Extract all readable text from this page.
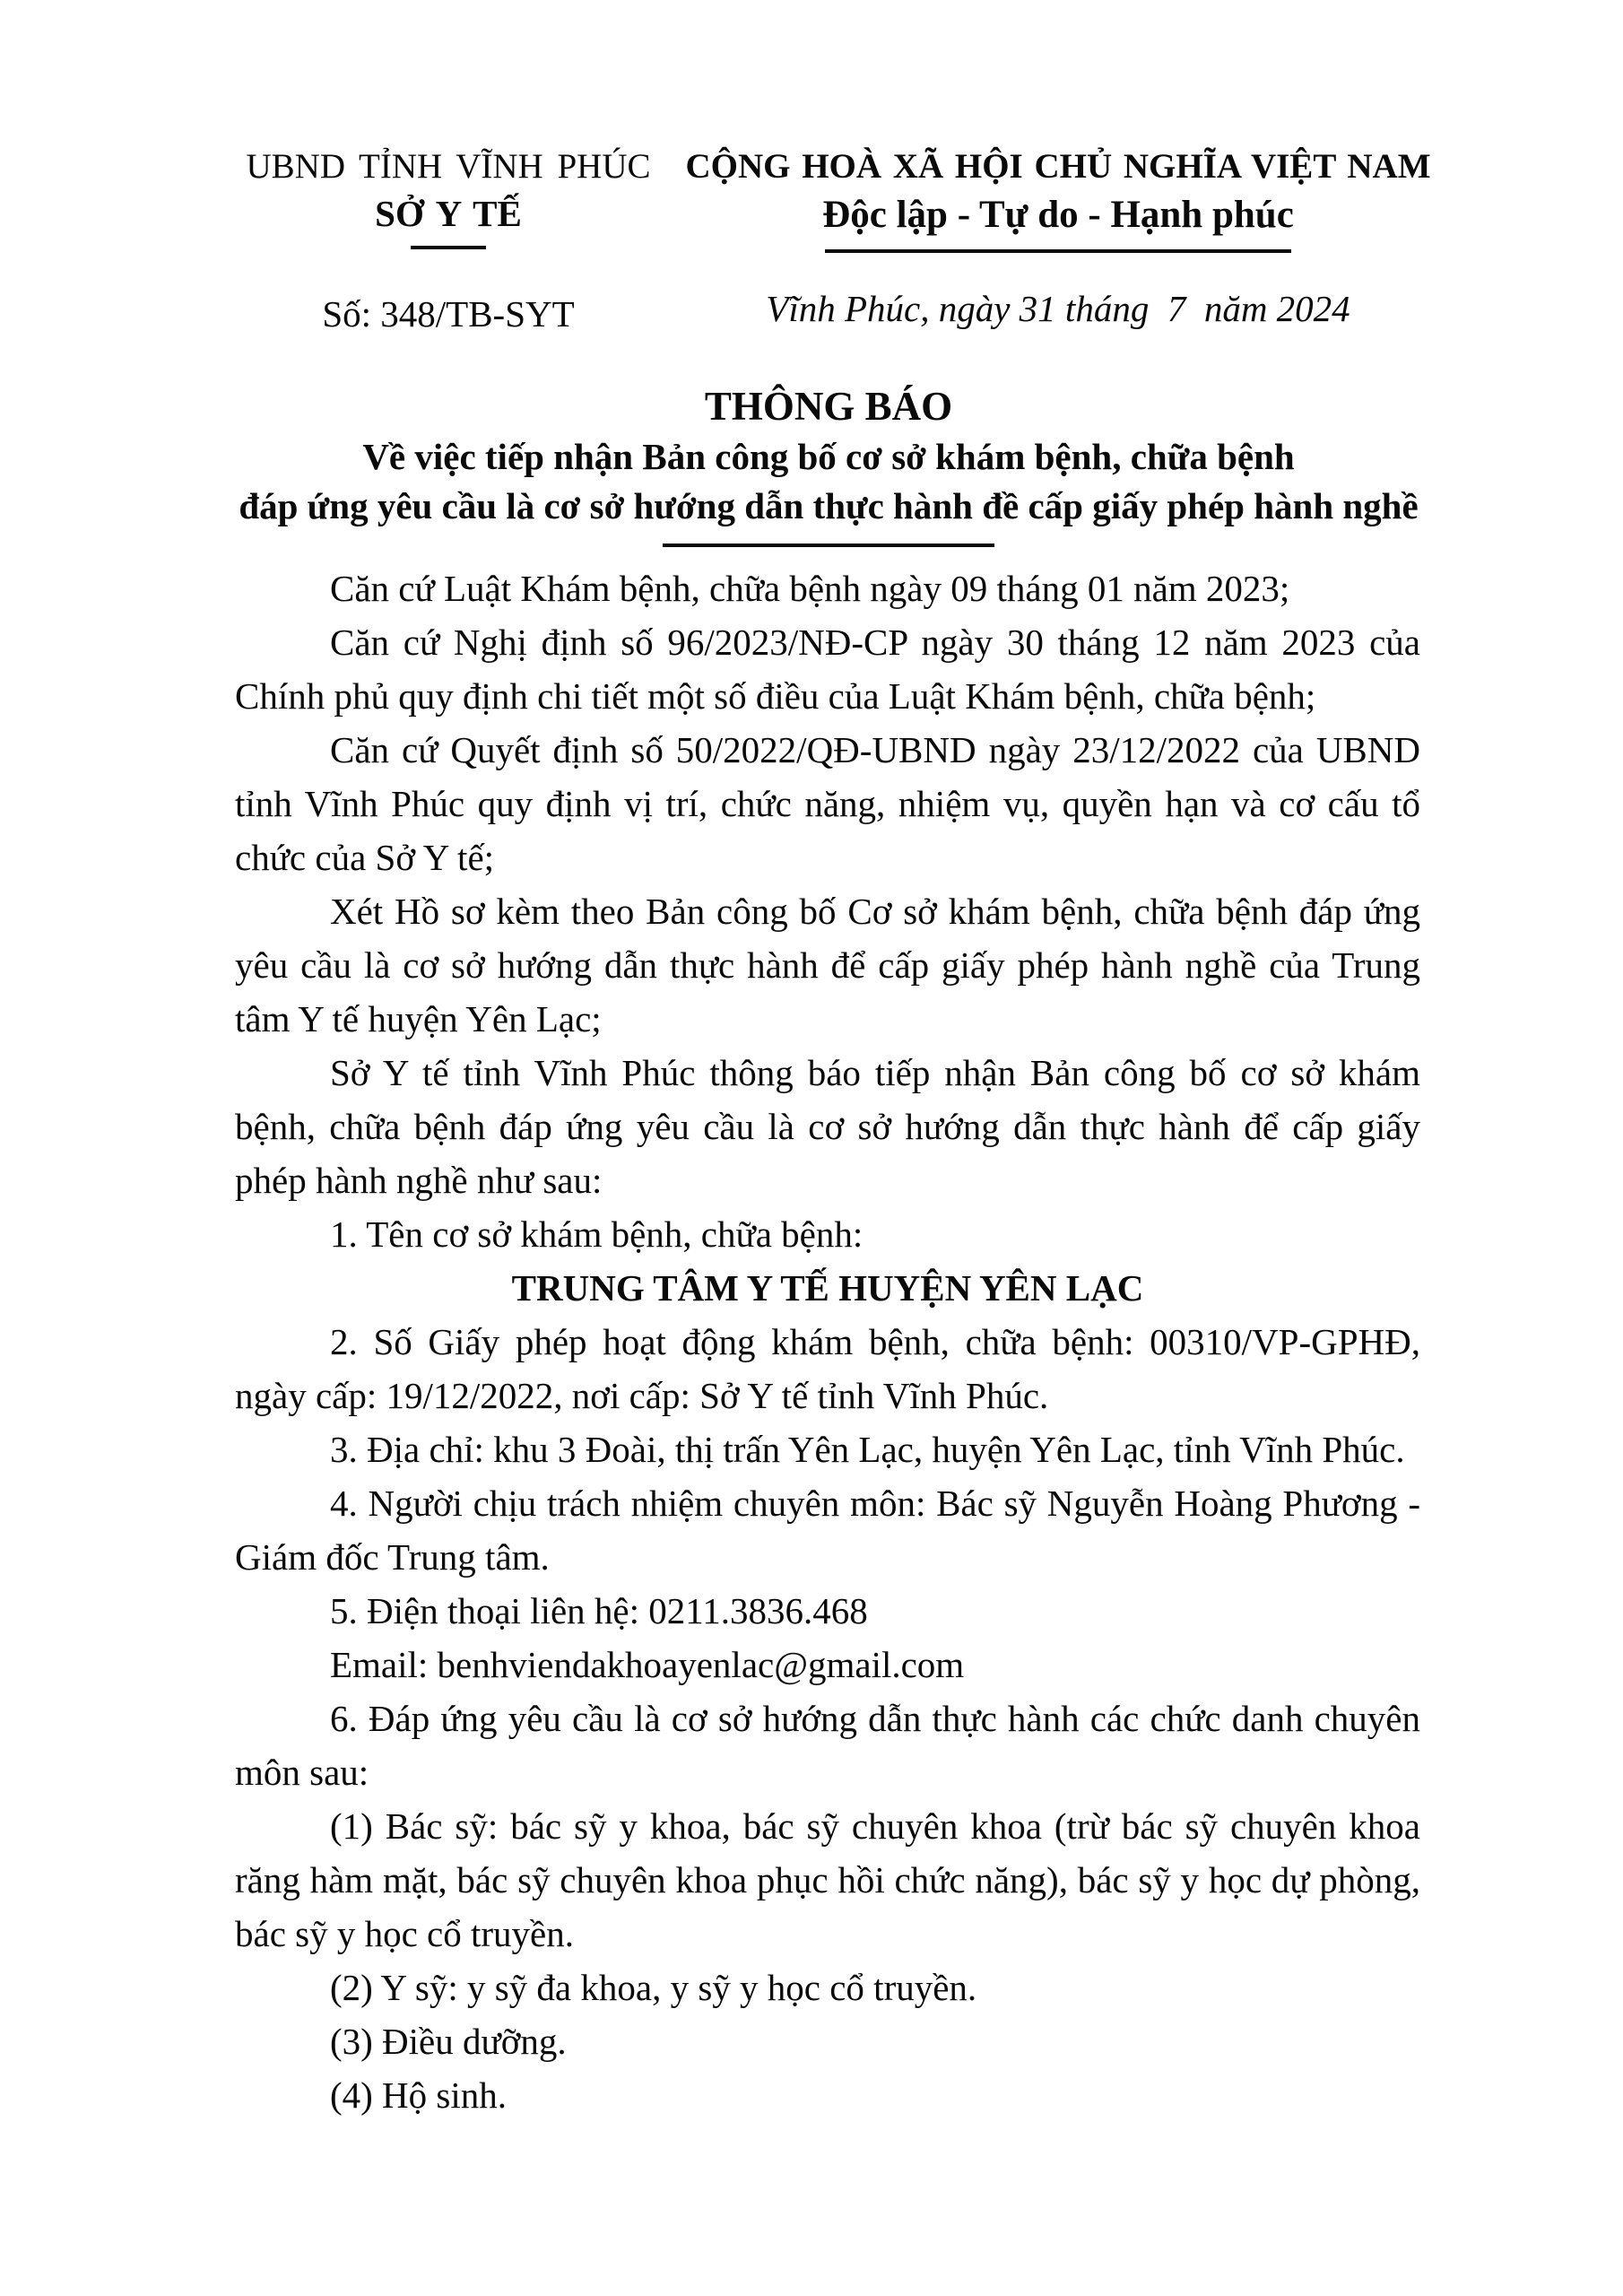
UBND TỈNH VĨNH PHÚC
SỞ Y TẾ
Số: 348/TB-SYT
CỘNG HOÀ XÃ HỘI CHỦ NGHĨA VIỆT NAM
Độc lập - Tự do - Hạnh phúc
Vĩnh Phúc, ngày 31 tháng  7  năm 2024
THÔNG BÁO
Về việc tiếp nhận Bản công bố cơ sở khám bệnh, chữa bệnh
đáp ứng yêu cầu là cơ sở hướng dẫn thực hành đề cấp giấy phép hành nghề

Căn cứ Luật Khám bệnh, chữa bệnh ngày 09 tháng 01 năm 2023;

Căn cứ Nghị định số 96/2023/NĐ-CP ngày 30 tháng 12 năm 2023 của Chính phủ quy định chi tiết một số điều của Luật Khám bệnh, chữa bệnh;

Căn cứ Quyết định số 50/2022/QĐ-UBND ngày 23/12/2022 của UBND tỉnh Vĩnh Phúc quy định vị trí, chức năng, nhiệm vụ, quyền hạn và cơ cấu tổ chức của Sở Y tế;

Xét Hồ sơ kèm theo Bản công bố Cơ sở khám bệnh, chữa bệnh đáp ứng yêu cầu là cơ sở hướng dẫn thực hành để cấp giấy phép hành nghề của Trung tâm Y tế huyện Yên Lạc;

Sở Y tế tỉnh Vĩnh Phúc thông báo tiếp nhận Bản công bố cơ sở khám bệnh, chữa bệnh đáp ứng yêu cầu là cơ sở hướng dẫn thực hành để cấp giấy phép hành nghề như sau:

1. Tên cơ sở khám bệnh, chữa bệnh:

TRUNG TÂM Y TẾ HUYỆN YÊN LẠC

2. Số Giấy phép hoạt động khám bệnh, chữa bệnh: 00310/VP-GPHĐ, ngày cấp: 19/12/2022, nơi cấp: Sở Y tế tỉnh Vĩnh Phúc.

3. Địa chỉ: khu 3 Đoài, thị trấn Yên Lạc, huyện Yên Lạc, tỉnh Vĩnh Phúc.

4. Người chịu trách nhiệm chuyên môn: Bác sỹ Nguyễn Hoàng Phương - Giám đốc Trung tâm.

5. Điện thoại liên hệ: 0211.3836.468

Email: benhviendakhoayenlac@gmail.com

6. Đáp ứng yêu cầu là cơ sở hướng dẫn thực hành các chức danh chuyên môn sau:

(1) Bác sỹ: bác sỹ y khoa, bác sỹ chuyên khoa (trừ bác sỹ chuyên khoa răng hàm mặt, bác sỹ chuyên khoa phục hồi chức năng), bác sỹ y học dự phòng, bác sỹ y học cổ truyền.

(2) Y sỹ: y sỹ đa khoa, y sỹ y học cổ truyền.

(3) Điều dưỡng.

(4) Hộ sinh.
